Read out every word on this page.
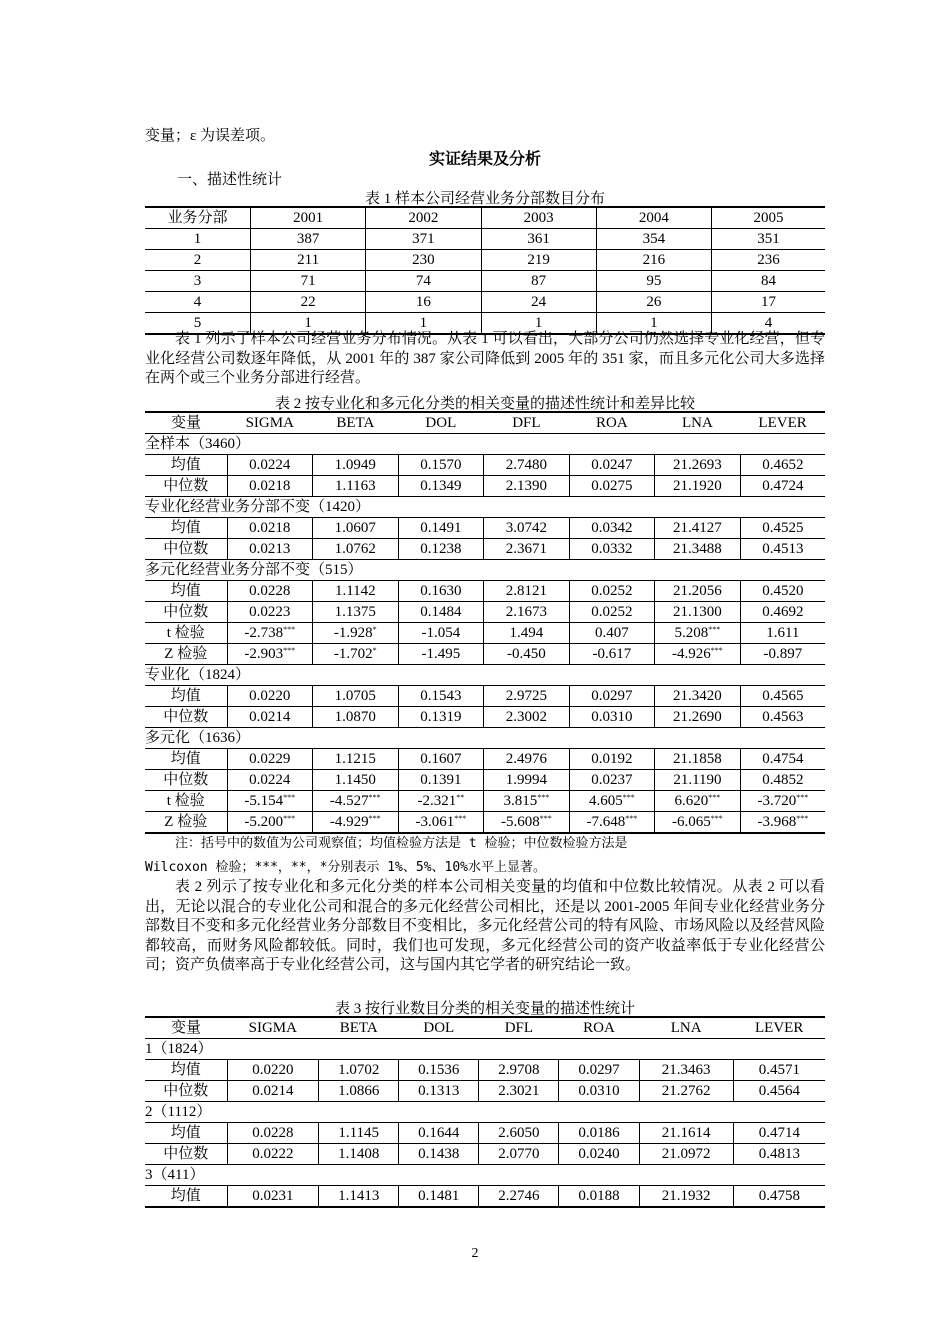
变量；ε 为误差项。
实证结果及分析
一、描述性统计
表 1 样本公司经营业务分部数目分布
业务分部	2001	2002	2003	2004	2005
1	387	371	361	354	351
2	211	230	219	216	236
3	71	74	87	95	84
4	22	16	24	26	17
5	1	1	1	1	4
表 1 列示了样本公司经营业务分布情况。从表 1 可以看出，大部分公司仍然选择专业化经营，但专业化经营公司数逐年降低，从 2001 年的 387 家公司降低到 2005 年的 351 家，而且多元化公司大多选择在两个或三个业务分部进行经营。
表 2 按专业化和多元化分类的相关变量的描述性统计和差异比较
变量	SIGMA	BETA	DOL	DFL	ROA	LNA	LEVER
全样本（3460）							
均值	0.0224	1.0949	0.1570	2.7480	0.0247	21.2693	0.4652
中位数	0.0218	1.1163	0.1349	2.1390	0.0275	21.1920	0.4724
专业化经营业务分部不变（1420）							
均值	0.0218	1.0607	0.1491	3.0742	0.0342	21.4127	0.4525
中位数	0.0213	1.0762	0.1238	2.3671	0.0332	21.3488	0.4513
多元化经营业务分部不变（515）							
均值	0.0228	1.1142	0.1630	2.8121	0.0252	21.2056	0.4520
中位数	0.0223	1.1375	0.1484	2.1673	0.0252	21.1300	0.4692
t 检验	-2.738***	-1.928*	-1.054	1.494	0.407	5.208***	1.611
Z 检验	-2.903***	-1.702*	-1.495	-0.450	-0.617	-4.926***	-0.897
专业化（1824）							
均值	0.0220	1.0705	0.1543	2.9725	0.0297	21.3420	0.4565
中位数	0.0214	1.0870	0.1319	2.3002	0.0310	21.2690	0.4563
多元化（1636）							
均值	0.0229	1.1215	0.1607	2.4976	0.0192	21.1858	0.4754
中位数	0.0224	1.1450	0.1391	1.9994	0.0237	21.1190	0.4852
t 检验	-5.154***	-4.527***	-2.321**	3.815***	4.605***	6.620***	-3.720***
Z 检验	-5.200***	-4.929***	-3.061***	-5.608***	-7.648***	-6.065***	-3.968***
注：括号中的数值为公司观察值；均值检验方法是 t 检验；中位数检验方法是
Wilcoxon 检验；***，**，*分别表示 1%、5%、10%水平上显著。
表 2 列示了按专业化和多元化分类的样本公司相关变量的均值和中位数比较情况。从表 2 可以看出，无论以混合的专业化公司和混合的多元化经营公司相比，还是以 2001-2005 年间专业化经营业务分部数目不变和多元化经营业务分部数目不变相比，多元化经营公司的特有风险、市场风险以及经营风险都较高，而财务风险都较低。同时，我们也可发现，多元化经营公司的资产收益率低于专业化经营公司；资产负债率高于专业化经营公司，这与国内其它学者的研究结论一致。
表 3 按行业数目分类的相关变量的描述性统计
变量	SIGMA	BETA	DOL	DFL	ROA	LNA	LEVER
1（1824）							
均值	0.0220	1.0702	0.1536	2.9708	0.0297	21.3463	0.4571
中位数	0.0214	1.0866	0.1313	2.3021	0.0310	21.2762	0.4564
2（1112）							
均值	0.0228	1.1145	0.1644	2.6050	0.0186	21.1614	0.4714
中位数	0.0222	1.1408	0.1438	2.0770	0.0240	21.0972	0.4813
3（411）							
均值	0.0231	1.1413	0.1481	2.2746	0.0188	21.1932	0.4758
2
